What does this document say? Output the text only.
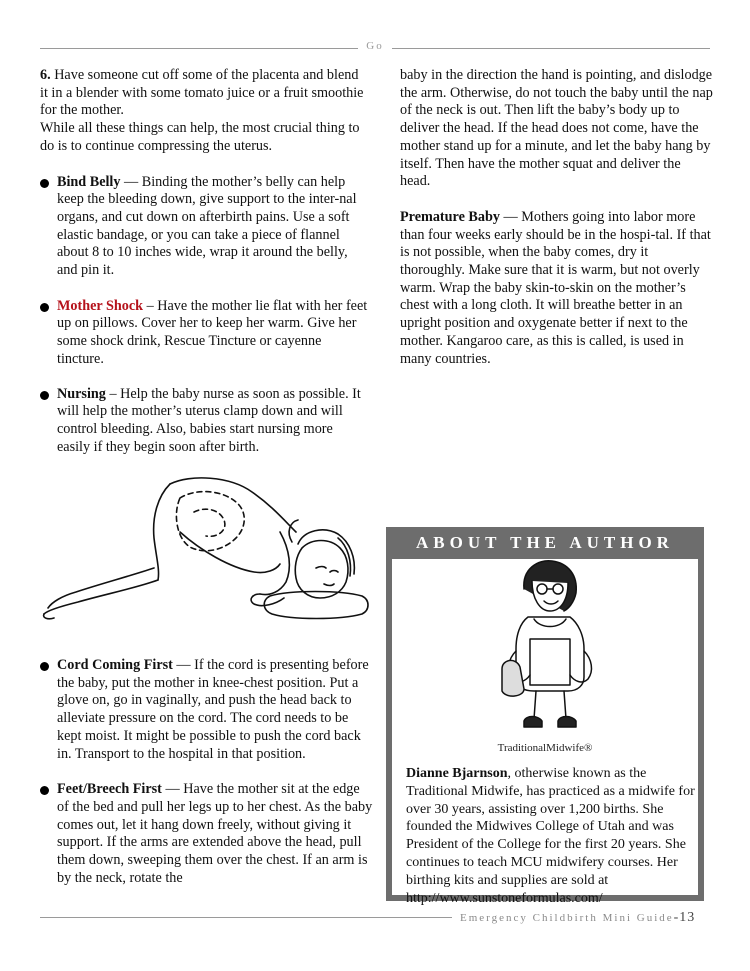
Go

6. Have someone cut off some of the placenta and blend it in a blender with some tomato juice or a fruit smoothie for the mother.

While all these things can help, the most crucial thing to do is to continue compressing the uterus.

Bind Belly — Binding the mother’s belly can help keep the bleeding down, give support to the inter-nal organs, and cut down on afterbirth pains. Use a soft elastic bandage, or you can take a piece of flannel about 8 to 10 inches wide, wrap it around the belly, and pin it.
Mother Shock – Have the mother lie flat with her feet up on pillows. Cover her to keep her warm. Give her some shock drink, Rescue Tincture or cayenne tincture.
Nursing – Help the baby nurse as soon as possible. It will help the mother’s uterus clamp down and will control bleeding. Also, babies start nursing more easily if they begin soon after birth.

baby in the direction the hand is pointing, and dislodge the arm. Otherwise, do not touch the baby until the nap of the neck is out. Then lift the baby’s body up to deliver the head. If the head does not come, have the mother stand up for a minute, and let the baby hang by itself. Then have the mother squat and deliver the head.

Premature Baby — Mothers going into labor more than four weeks early should be in the hospi-tal. If that is not possible, when the baby comes, dry it thoroughly. Make sure that it is warm, but not overly warm. Wrap the baby skin-to-skin on the mother’s chest with a long cloth. It will breathe better in an upright position and oxygenate better if next to the mother. Kangaroo care, as this is called, is used in many countries.

Cord Coming First — If the cord is presenting before the baby, put the mother in knee-chest position. Put a glove on, go in vaginally, and push the head back to alleviate pressure on the cord. The cord needs to be kept moist. It might be possible to push the cord back in. Transport to the hospital in that position.
Feet/Breech First — Have the mother sit at the edge of the bed and pull her legs up to her chest. As the baby comes out, let it hang down freely, without giving it support. If the arms are extended above the head, pull them down, sweeping them over the chest. If an arm is by the neck, rotate the
ABOUT THE AUTHOR
TraditionalMidwife®
Dianne Bjarnson, otherwise known as the Traditional Midwife, has practiced as a midwife for over 30 years, assisting over 1,200 births. She founded the Midwives College of Utah and was President of the College for the first 20 years. She continues to teach MCU midwifery courses. Her birthing kits and supplies are sold at http://www.sunstoneformulas.com/
Emergency Childbirth Mini Guide-13
